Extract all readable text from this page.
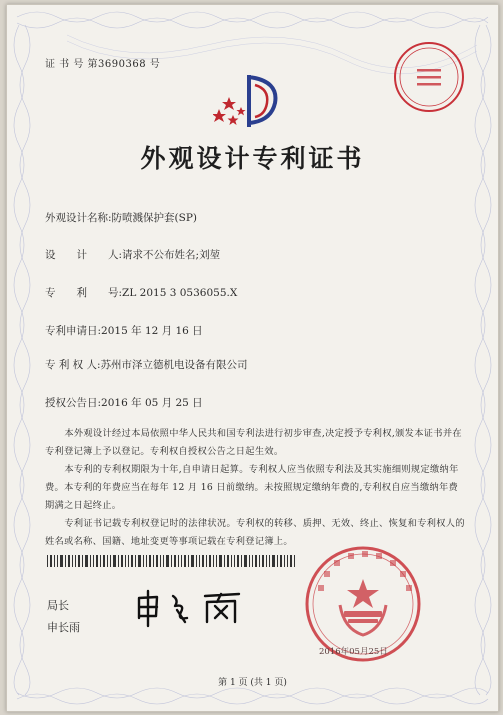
证 书 号 第3690368 号
外观设计专利证书
外观设计名称:防喷溅保护套(SP)
设　　计　　人:请求不公布姓名;刘堃
专　　利　　号:ZL 2015 3 0536055.X
专利申请日:2015 年 12 月 16 日
专 利 权 人:苏州市泽立德机电设备有限公司
授权公告日:2016 年 05 月 25 日

本外观设计经过本局依照中华人民共和国专利法进行初步审查,决定授予专利权,颁发本证书并在专利登记簿上予以登记。专利权自授权公告之日起生效。

本专利的专利权期限为十年,自申请日起算。专利权人应当依照专利法及其实施细则规定缴纳年费。本专利的年费应当在每年 12 月 16 日前缴纳。未按照规定缴纳年费的,专利权自应当缴纳年费期满之日起终止。

专利证书记载专利权登记时的法律状况。专利权的转移、质押、无效、终止、恢复和专利权人的姓名或名称、国籍、地址变更等事项记载在专利登记簿上。

局长
申长雨
2016年05月25日
第 1 页 (共 1 页)
